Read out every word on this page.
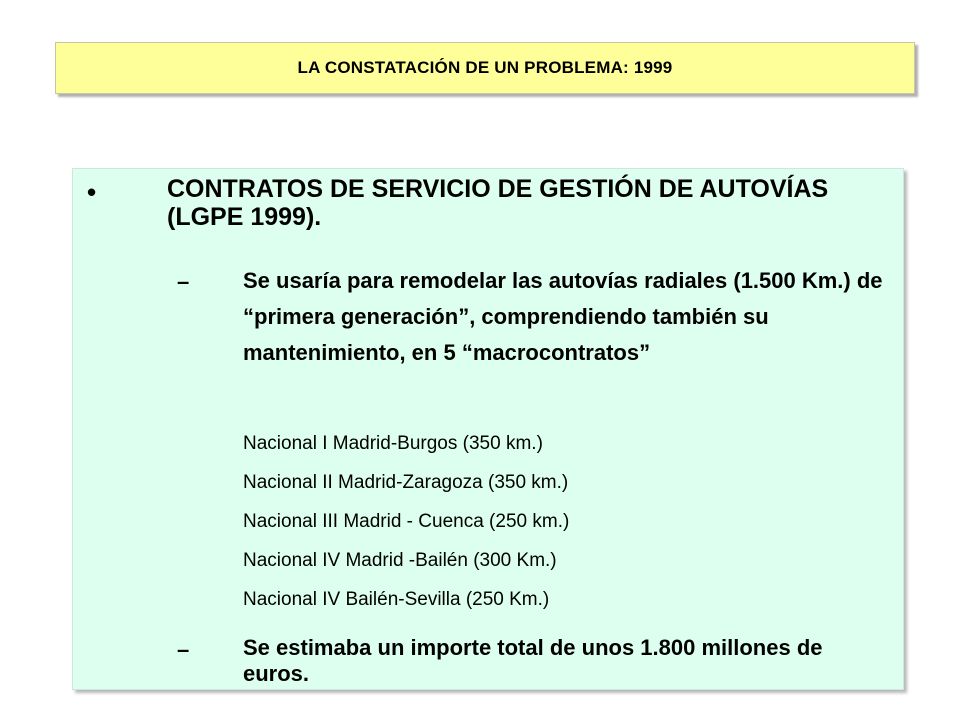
LA CONSTATACIÓN DE UN PROBLEMA: 1999
•	CONTRATOS DE SERVICIO DE GESTIÓN DE AUTOVÍAS (LGPE 1999).
– Se usaría para remodelar las autovías radiales (1.500 Km.) de “primera generación”, comprendiendo también su mantenimiento, en 5 “macrocontratos”
Nacional I Madrid-Burgos (350 km.)
Nacional II Madrid-Zaragoza (350 km.)
Nacional III Madrid - Cuenca (250 km.)
Nacional IV Madrid -Bailén (300 Km.)
Nacional IV Bailén-Sevilla (250 Km.)
– Se estimaba un importe total de unos 1.800 millones de euros.
